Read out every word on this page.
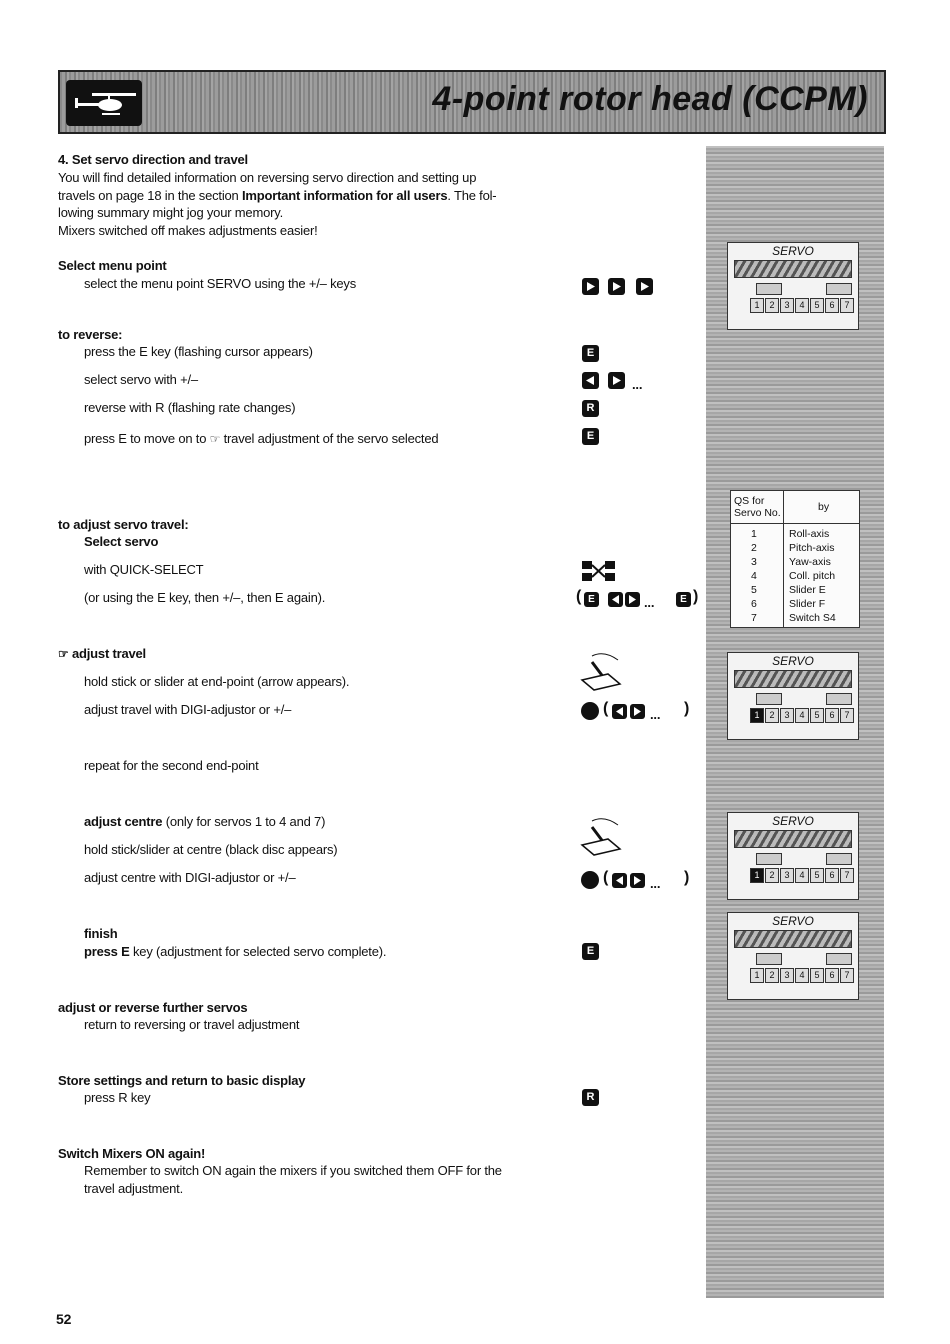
4-point rotor head (CCPM)
4. Set servo direction and travel
You will find detailed information on reversing servo direction and setting up
travels on page 18 in the section Important information for all users. The fol-
lowing summary might jog your memory.
Mixers switched off makes adjustments easier!
Select menu point
select the menu point SERVO using the +/– keys
to reverse:
press the E key (flashing cursor appears)	E
select servo with +/–	...
reverse with R (flashing rate changes)	R
press E to move on to ☞ travel adjustment of the servo selected	E
to adjust servo travel:
Select servo
with QUICK-SELECT
(or using the E key, then +/–, then E again).	( E	...	E )
☞ adjust travel
hold stick or slider at end-point (arrow appears).
adjust travel with DIGI-adjustor or +/–	(	... )
repeat for the second end-point
adjust centre (only for servos 1 to 4 and 7)
hold stick/slider at centre (black disc appears)
adjust centre with DIGI-adjustor or +/–	(	... )
finish
press E key (adjustment for selected servo complete).	E
adjust or reverse further servos
return to reversing or travel adjustment
Store settings and return to basic display
press R key	R
Switch Mixers ON again!
Remember to switch ON again the mixers if you switched them OFF for the
travel adjustment.
SERVO
1	2	3	4	5	6	7
SERVO
1	2	3	4	5	6	7
SERVO
1	2	3	4	5	6	7
SERVO
1	2	3	4	5	6	7
QS for
Servo No.	by
1	Roll-axis
2	Pitch-axis
3	Yaw-axis
4	Coll. pitch
5	Slider E
6	Slider F
7	Switch S4
52
